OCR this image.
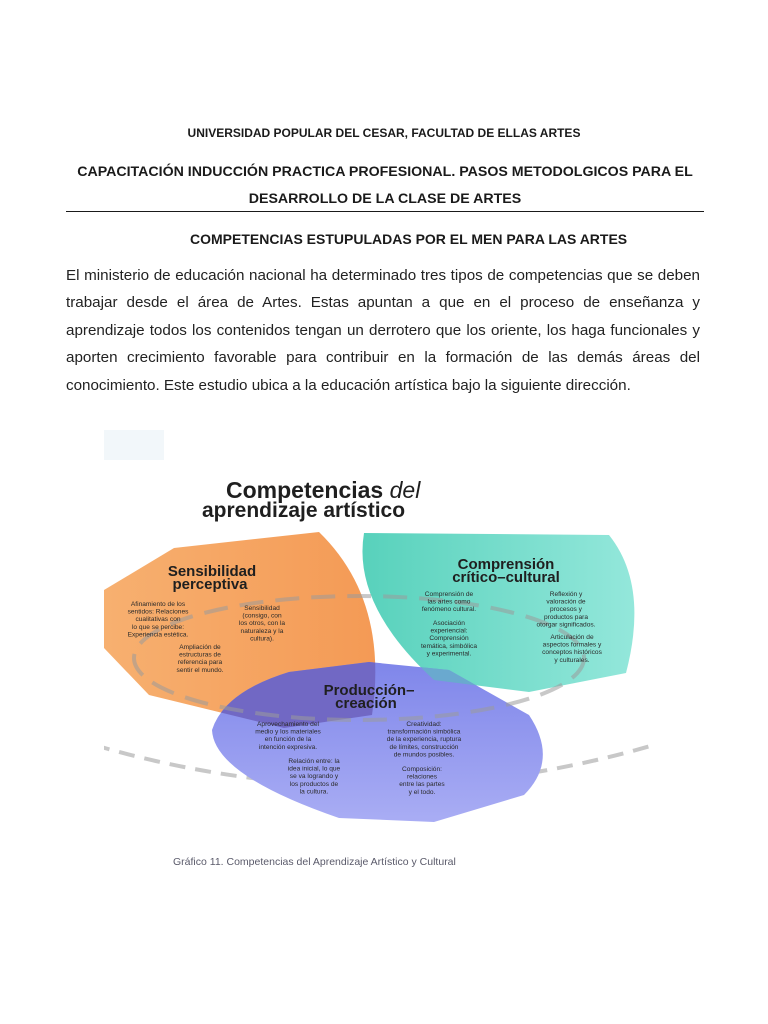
UNIVERSIDAD POPULAR DEL CESAR, FACULTAD DE ELLAS ARTES
CAPACITACIÓN INDUCCIÓN PRACTICA PROFESIONAL. PASOS METODOLGICOS PARA EL
DESARROLLO DE LA CLASE DE ARTES
COMPETENCIAS ESTUPULADAS POR EL MEN PARA LAS ARTES
El ministerio de educación nacional ha determinado tres tipos de competencias que se deben trabajar desde el área de Artes. Estas apuntan a que en el proceso de enseñanza y aprendizaje todos los contenidos tengan un derrotero que los oriente, los haga funcionales y aporten crecimiento favorable para contribuir en la formación de las demás áreas del conocimiento. Este estudio ubica a la educación artística bajo la siguiente dirección.
Competencias del
aprendizaje artístico
Sensibilidad
perceptiva
Afinamiento de los
sentidos: Relaciones
cualitativas con
lo que se percibe:
Experiencia estética.
Sensibilidad
(consigo, con
los otros, con la
naturaleza y la
cultura).
Ampliación de
estructuras de
referencia para
sentir el mundo.
Comprensión
crítico–cultural
Comprensión de
las artes como
fenómeno cultural.
Reflexión y
valoración de
procesos y
productos para
otorgar significados.
Asociación
experiencial:
Comprensión
temática, simbólica
y experimental.
Articulación de
aspectos formales y
conceptos históricos
y culturales.
Producción–
creación
Aprovechamiento del
medio y los materiales
en función de la
intención expresiva.
Creatividad:
transformación simbólica
de la experiencia, ruptura
de límites, construcción
de mundos posibles.
Relación entre: la
idea inicial, lo que
se va logrando y
los productos de
la cultura.
Composición:
relaciones
entre las partes
y el todo.
Gráfico 11. Competencias del Aprendizaje Artístico y Cultural
